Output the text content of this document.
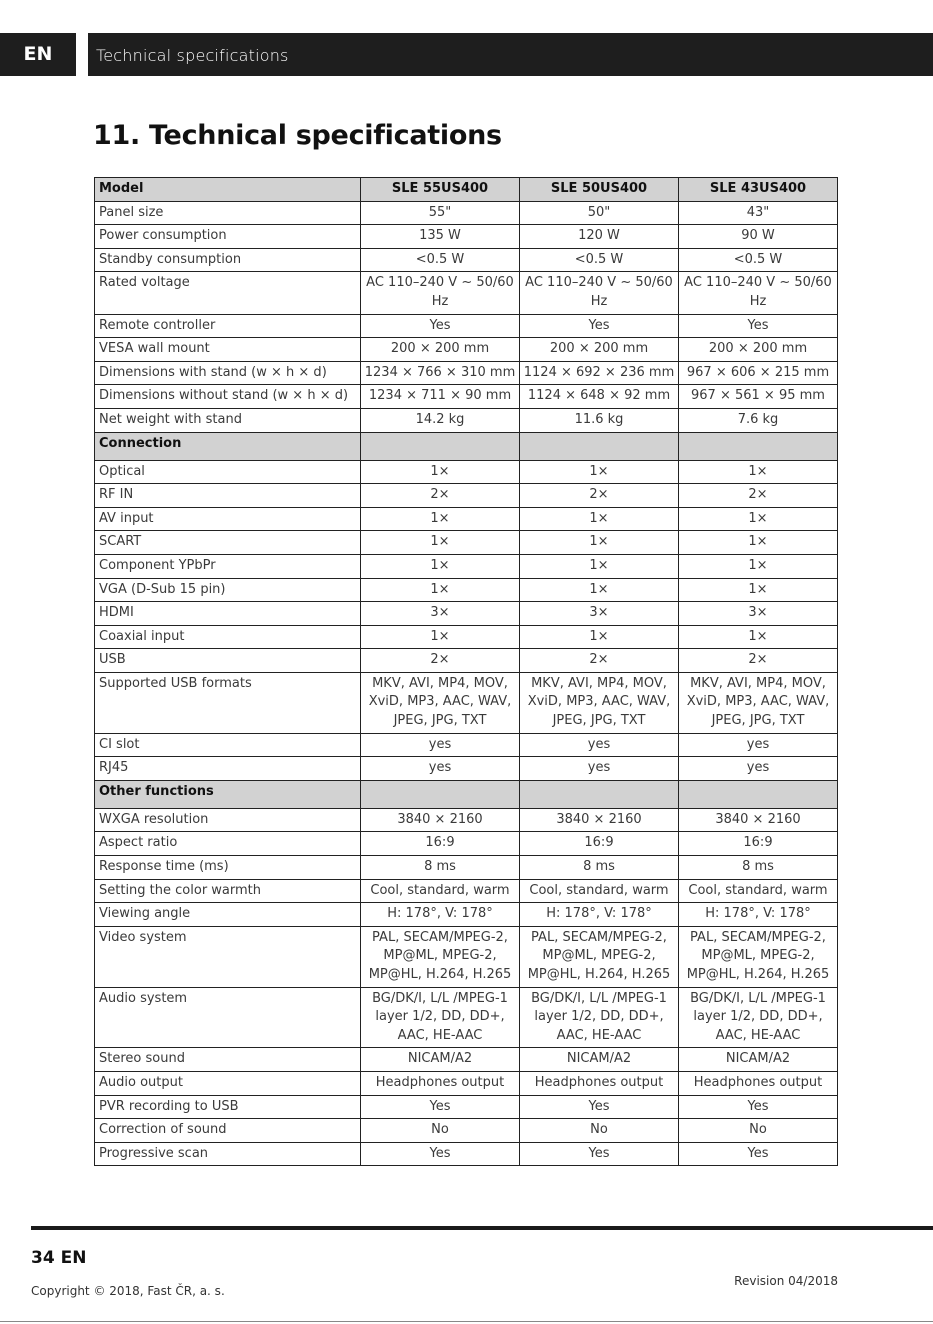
EN	Technical specifications
11. Technical specifications
Model	SLE 55US400	SLE 50US400	SLE 43US400
Panel size	55"	50"	43"
Power consumption	135 W	120 W	90 W
Standby consumption	<0.5 W	<0.5 W	<0.5 W
Rated voltage	AC 110–240 V ~ 50/60 Hz	AC 110–240 V ~ 50/60 Hz	AC 110–240 V ~ 50/60 Hz
Remote controller	Yes	Yes	Yes
VESA wall mount	200 × 200 mm	200 × 200 mm	200 × 200 mm
Dimensions with stand (w × h × d)	1234 × 766 × 310 mm	1124 × 692 × 236 mm	967 × 606 × 215 mm
Dimensions without stand (w × h × d)	1234 × 711 × 90 mm	1124 × 648 × 92 mm	967 × 561 × 95 mm
Net weight with stand	14.2 kg	11.6 kg	7.6 kg
Connection			
Optical	1×	1×	1×
RF IN	2×	2×	2×
AV input	1×	1×	1×
SCART	1×	1×	1×
Component YPbPr	1×	1×	1×
VGA (D-Sub 15 pin)	1×	1×	1×
HDMI	3×	3×	3×
Coaxial input	1×	1×	1×
USB	2×	2×	2×
Supported USB formats	MKV, AVI, MP4, MOV, XviD, MP3, AAC, WAV, JPEG, JPG, TXT	MKV, AVI, MP4, MOV, XviD, MP3, AAC, WAV, JPEG, JPG, TXT	MKV, AVI, MP4, MOV, XviD, MP3, AAC, WAV, JPEG, JPG, TXT
CI slot	yes	yes	yes
RJ45	yes	yes	yes
Other functions			
WXGA resolution	3840 × 2160	3840 × 2160	3840 × 2160
Aspect ratio	16:9	16:9	16:9
Response time (ms)	8 ms	8 ms	8 ms
Setting the color warmth	Cool, standard, warm	Cool, standard, warm	Cool, standard, warm
Viewing angle	H: 178°, V: 178°	H: 178°, V: 178°	H: 178°, V: 178°
Video system	PAL, SECAM/MPEG-2, MP@ML, MPEG-2, MP@HL, H.264, H.265	PAL, SECAM/MPEG-2, MP@ML, MPEG-2, MP@HL, H.264, H.265	PAL, SECAM/MPEG-2, MP@ML, MPEG-2, MP@HL, H.264, H.265
Audio system	BG/DK/I, L/L /MPEG-1 layer 1/2, DD, DD+, AAC, HE-AAC	BG/DK/I, L/L /MPEG-1 layer 1/2, DD, DD+, AAC, HE-AAC	BG/DK/I, L/L /MPEG-1 layer 1/2, DD, DD+, AAC, HE-AAC
Stereo sound	NICAM/A2	NICAM/A2	NICAM/A2
Audio output	Headphones output	Headphones output	Headphones output
PVR recording to USB	Yes	Yes	Yes
Correction of sound	No	No	No
Progressive scan	Yes	Yes	Yes
34 EN
Copyright © 2018, Fast ČR, a. s.
Revision 04/2018
